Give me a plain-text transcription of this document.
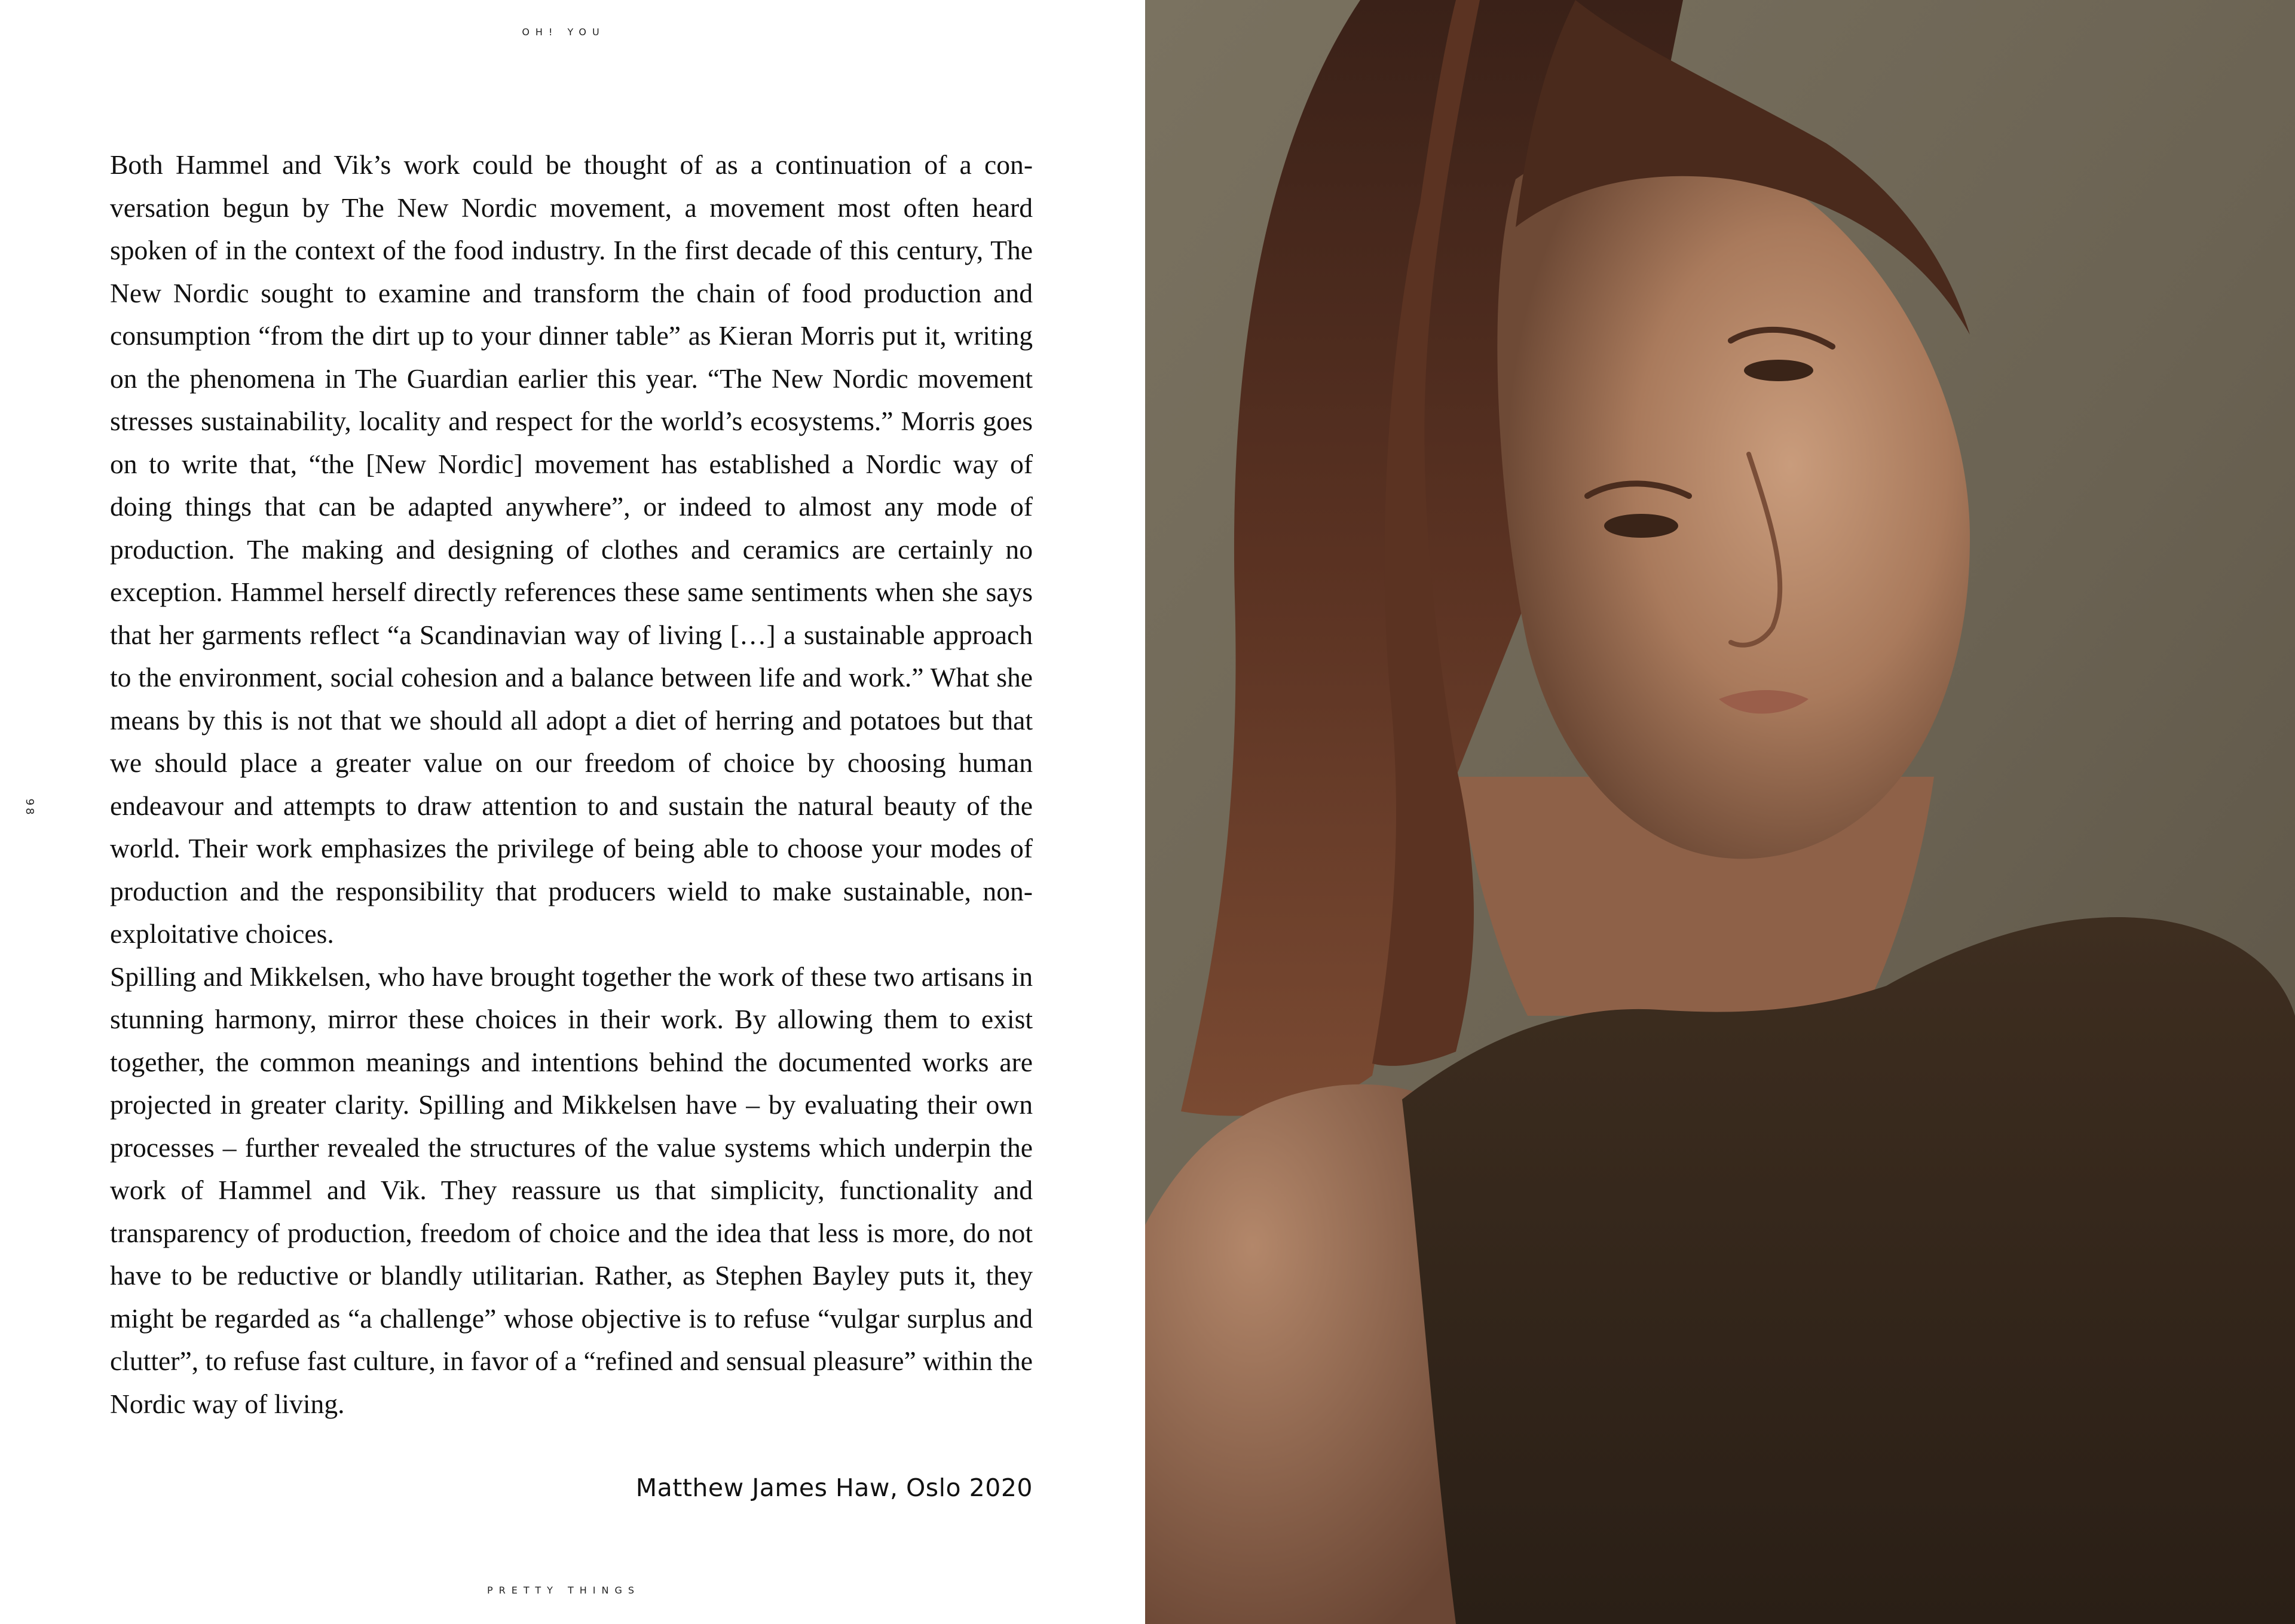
OH! YOU
98

Both Hammel and Vik’s work could be thought of as a continuation of a conversation begun by The New Nordic movement, a movement most often heard spoken of in the context of the food industry. In the first decade of this century, The New Nordic sought to examine and transform the chain of food production and consumption “from the dirt up to your dinner table” as Kieran Morris put it, writing on the phenomena in The Guardian earlier this year. “The New Nordic movement stresses sustainability, locality and respect for the world’s ecosystems.” Morris goes on to write that, “the [New Nordic] movement has established a Nordic way of doing things that can be adapted anywhere”, or indeed to almost any mode of production. The making and designing of clothes and ceramics are certainly no exception. Hammel herself directly references these same sentiments when she says that her garments reflect “a Scandinavian way of living […] a sustainable approach to the environment, social cohesion and a balance between life and work.” What she means by this is not that we should all adopt a diet of herring and potatoes but that we should place a greater value on our freedom of choice by choosing human endeavour and attempts to draw attention to and sustain the natural beauty of the world. Their work emphasizes the privilege of being able to choose your modes of production and the responsibility that producers wield to make sustainable, non-exploitative choices.
Spilling and Mikkelsen, who have brought together the work of these two artisans in stunning harmony, mirror these choices in their work. By allowing them to exist together, the common meanings and intentions behind the documented works are projected in greater clarity. Spilling and Mikkelsen have – by evaluating their own processes – further revealed the structures of the value systems which underpin the work of Hammel and Vik. They reassure us that simplicity, functionality and transparency of production, freedom of choice and the idea that less is more, do not have to be reductive or blandly utilitarian. Rather, as Stephen Bayley puts it, they might be regarded as “a challenge” whose objective is to refuse “vulgar surplus and clutter”, to refuse fast culture, in favor of a “refined and sensual pleasure” within the Nordic way of living.

Matthew James Haw, Oslo 2020
PRETTY THINGS
